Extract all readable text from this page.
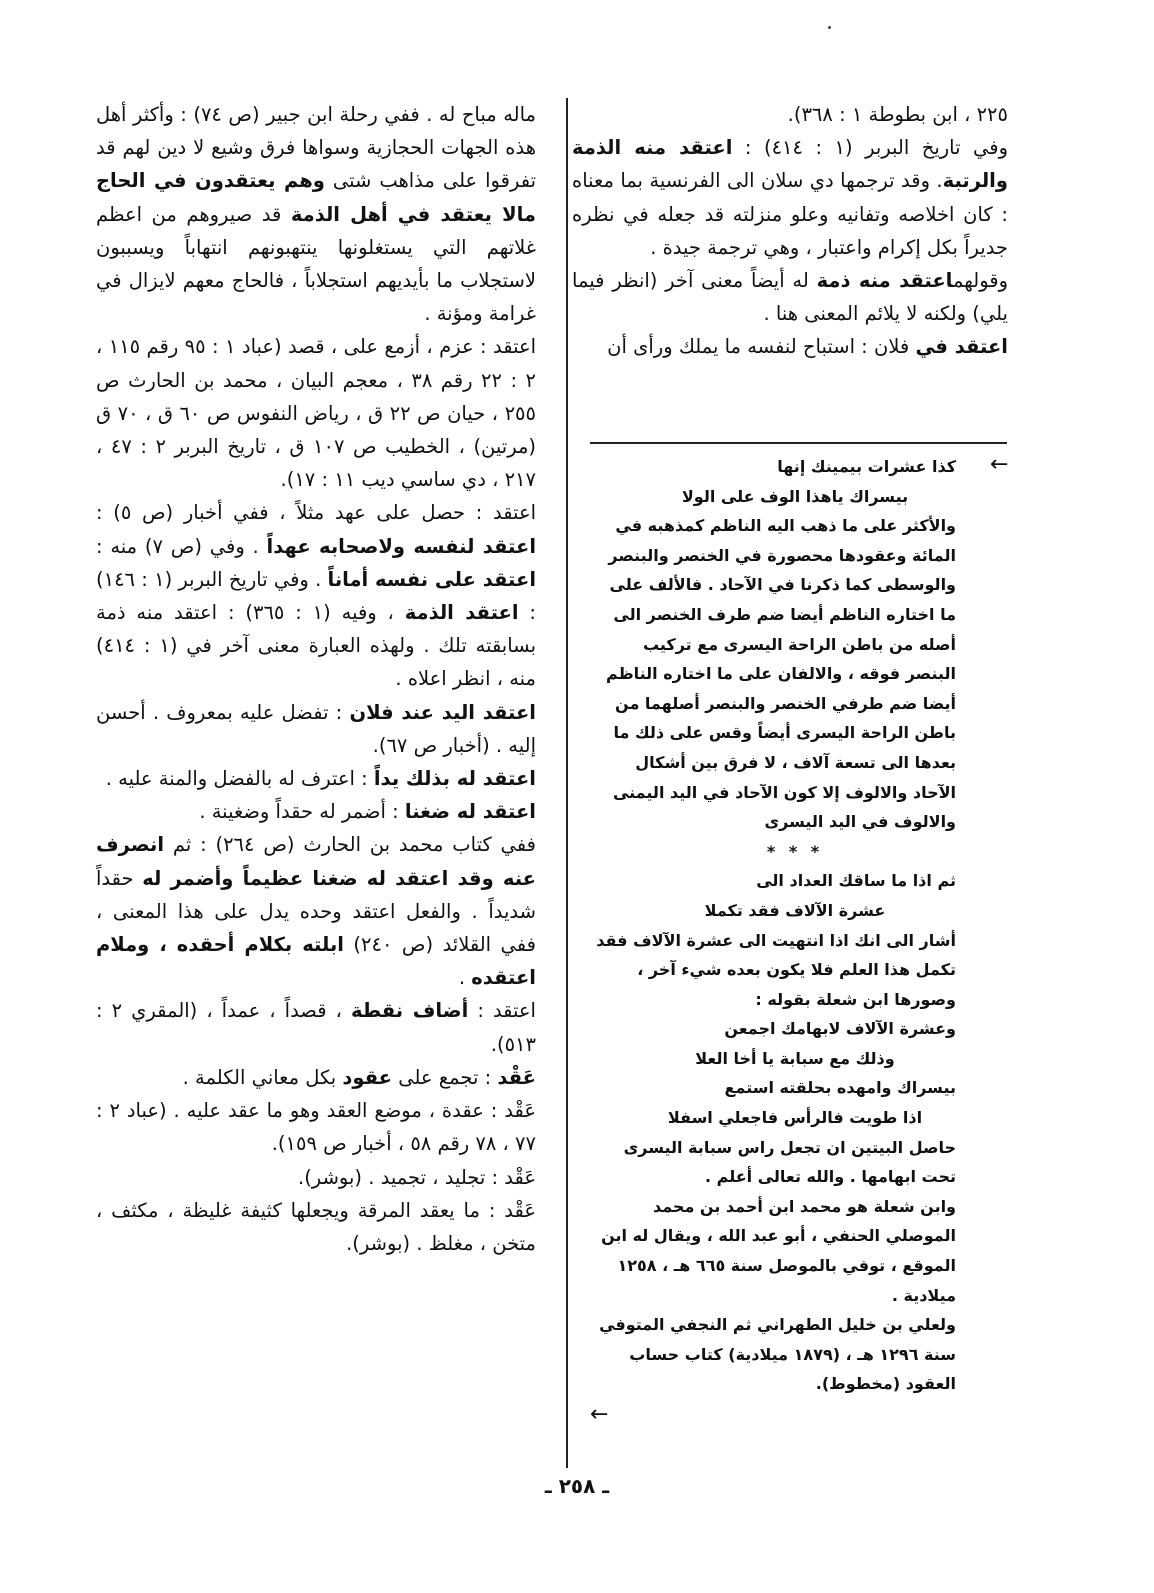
٢٢٥ ، ابن بطوطة ١ : ٣٦٨).

وفي تاريخ البربر (١ : ٤١٤) : اعتقد منه الذمة والرتبة. وقد ترجمها دي سلان الى الفرنسية بما معناه : كان اخلاصه وتفانيه وعلو منزلته قد جعله في نظره جديراً بكل إكرام واعتبار ، وهي ترجمة جيدة .

وقولهماعتقد منه ذمة له أيضاً معنى آخر (انظر فيما يلي) ولكنه لا يلائم المعنى هنا .

اعتقد في فلان : استباح لنفسه ما يملك ورأى أن

←

كذا عشرات بيمينك إنها

بيسراك ياهذا الوف على الولا

والأكثر على ما ذهب اليه الناظم كمذهبه في المائة وعقودها محصورة في الخنصر والبنصر والوسطى كما ذكرنا في الآحاد . فالألف على ما اختاره الناظم أيضا ضم طرف الخنصر الى أصله من باطن الراحة اليسرى مع تركيب البنصر فوقه ، والالفان على ما اختاره الناظم أيضا ضم طرفي الخنصر والبنصر أصلهما من باطن الراحة اليسرى أيضاً وقس على ذلك ما بعدها الى تسعة آلاف ، لا فرق بين أشكال الآحاد والالوف إلا كون الآحاد في اليد اليمنى والالوف في اليد اليسرى

* * *

ثم اذا ما ساقك العداد الى

عشرة الآلاف فقد تكملا

أشار الى انك اذا انتهيت الى عشرة الآلاف فقد تكمل هذا العلم فلا يكون بعده شيء آخر ، وصورها ابن شعلة بقوله :

وعشرة الآلاف لابهامك اجمعن

وذلك مع سبابة يا أخا العلا

بيسراك وامهده بحلقته استمع

اذا طويت فالرأس فاجعلي اسفلا

حاصل البيتين ان تجعل راس سبابة اليسرى تحت ابهامها . والله تعالى أعلم .

وابن شعلة هو محمد ابن أحمد بن محمد الموصلي الحنفي ، أبو عبد الله ، ويقال له ابن الموقع ، توفي بالموصل سنة ٦٦٥ هـ ، ١٢٥٨ ميلادية .

ولعلي بن خليل الطهراني ثم النجفي المتوفي سنة ١٢٩٦ هـ ، (١٨٧٩ ميلادية) كتاب حساب العقود (مخطوط).

←

ماله مباح له . ففي رحلة ابن جبير (ص ٧٤) : وأكثر أهل هذه الجهات الحجازية وسواها فرق وشيع لا دين لهم قد تفرقوا على مذاهب شتى وهم يعتقدون في الحاج مالا يعتقد في أهل الذمة قد صيروهم من اعظم غلاتهم التي يستغلونها ينتهبونهم انتهاباً ويسببون لاستجلاب ما بأيديهم استجلاباً ، فالحاج معهم لايزال في غرامة ومؤنة .

اعتقد : عزم ، أزمع على ، قصد (عباد ١ : ٩٥ رقم ١١٥ ، ٢ : ٢٢ رقم ٣٨ ، معجم البيان ، محمد بن الحارث ص ٢٥٥ ، حيان ص ٢٢ ق ، رياض النفوس ص ٦٠ ق ، ٧٠ ق (مرتين) ، الخطيب ص ١٠٧ ق ، تاريخ البربر ٢ : ٤٧ ، ٢١٧ ، دي ساسي ديب ١١ : ١٧).

اعتقد : حصل على عهد مثلاً ، ففي أخبار (ص ٥) : اعتقد لنفسه ولاصحابه عهداً . وفي (ص ٧) منه : اعتقد على نفسه أماناً . وفي تاريخ البربر (١ : ١٤٦) : اعتقد الذمة ، وفيه (١ : ٣٦٥) : اعتقد منه ذمة بسابقته تلك . ولهذه العبارة معنى آخر في (١ : ٤١٤) منه ، انظر اعلاه .

اعتقد اليد عند فلان : تفضل عليه بمعروف . أحسن إليه . (أخبار ص ٦٧).

اعتقد له بذلك يداً : اعترف له بالفضل والمنة عليه .

اعتقد له ضغنا : أضمر له حقداً وضغينة .

ففي كتاب محمد بن الحارث (ص ٢٦٤) : ثم انصرف عنه وقد اعتقد له ضغنا عظيماً وأضمر له حقداً شديداً . والفعل اعتقد وحده يدل على هذا المعنى ، ففي القلائد (ص ٢٤٠) ابلته بكلام أحقده ، وملام اعتقده .

اعتقد : أضاف نقطة ، قصداً ، عمداً ، (المقري ٢ : ٥١٣).

عَقْد : تجمع على عقود بكل معاني الكلمة .

عَقْد : عقدة ، موضع العقد وهو ما عقد عليه . (عباد ٢ : ٧٧ ، ٧٨ رقم ٥٨ ، أخبار ص ١٥٩).

عَقْد : تجليد ، تجميد . (بوشر).

عَقْد : ما يعقد المرقة ويجعلها كثيفة غليظة ، مكثف ، متخن ، مغلظ . (بوشر).

ـ ٢٥٨ ـ
